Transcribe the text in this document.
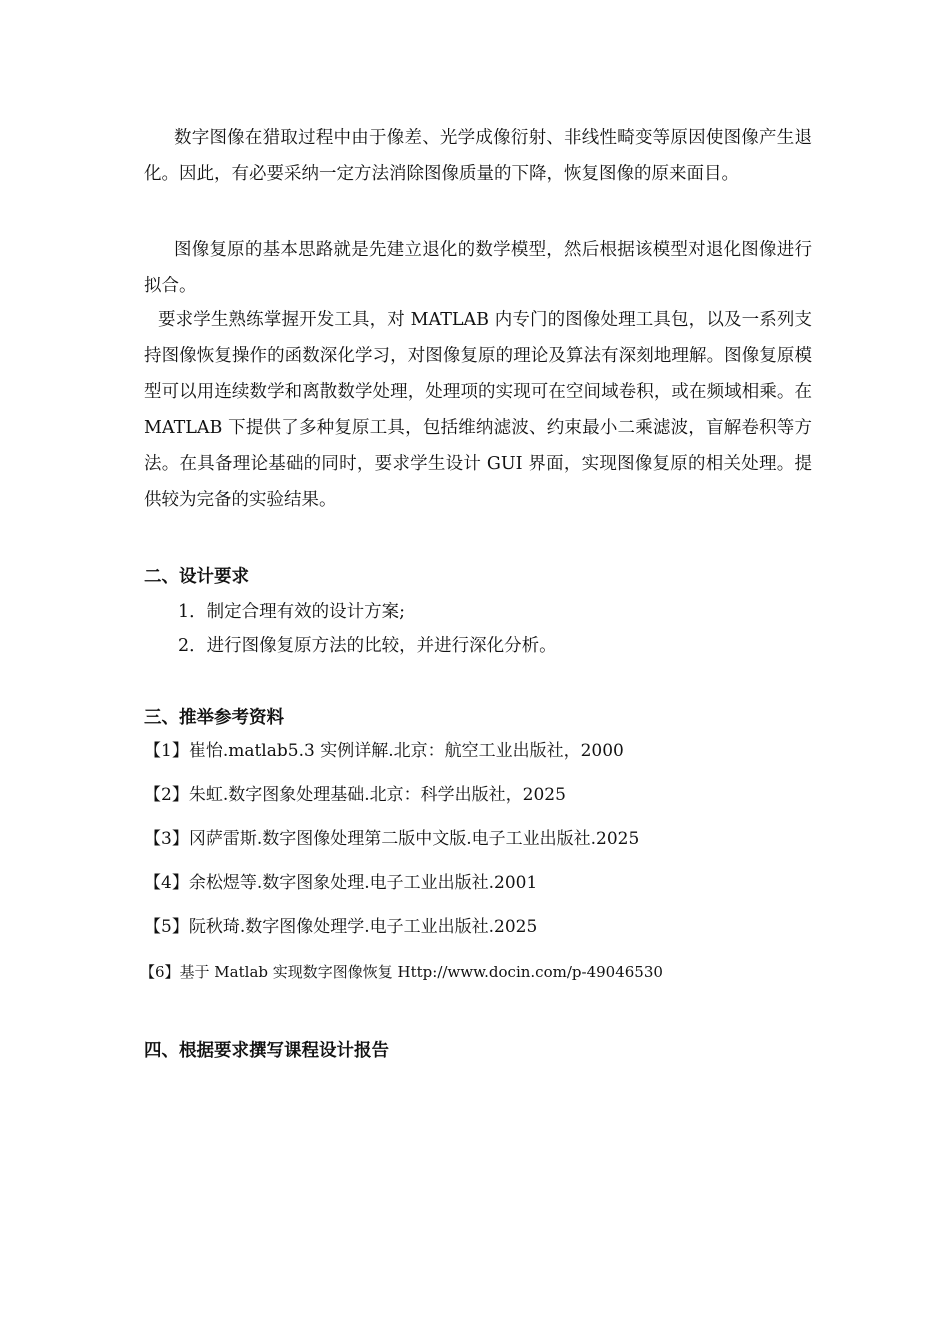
数字图像在猎取过程中由于像差、光学成像衍射、非线性畸变等原因使图像产生退化。因此，有必要采纳一定方法消除图像质量的下降，恢复图像的原来面目。

图像复原的基本思路就是先建立退化的数学模型，然后根据该模型对退化图像进行拟合。

要求学生熟练掌握开发工具，对 MATLAB 内专门的图像处理工具包，以及一系列支持图像恢复操作的函数深化学习，对图像复原的理论及算法有深刻地理解。图像复原模型可以用连续数学和离散数学处理，处理项的实现可在空间域卷积，或在频域相乘。在 MATLAB 下提供了多种复原工具，包括维纳滤波、约束最小二乘滤波，盲解卷积等方法。在具备理论基础的同时，要求学生设计 GUI 界面，实现图像复原的相关处理。提供较为完备的实验结果。

二、设计要求
1．制定合理有效的设计方案;
2．进行图像复原方法的比较，并进行深化分析。
三、推举参考资料
【1】崔怡.matlab5.3 实例详解.北京：航空工业出版社，2000
【2】朱虹.数字图象处理基础.北京：科学出版社，2025
【3】冈萨雷斯.数字图像处理第二版中文版.电子工业出版社.2025
【4】余松煜等.数字图象处理.电子工业出版社.2001
【5】阮秋琦.数字图像处理学.电子工业出版社.2025
【6】基于 Matlab 实现数字图像恢复 Http://www.docin.com/p-49046530
四、根据要求撰写课程设计报告
